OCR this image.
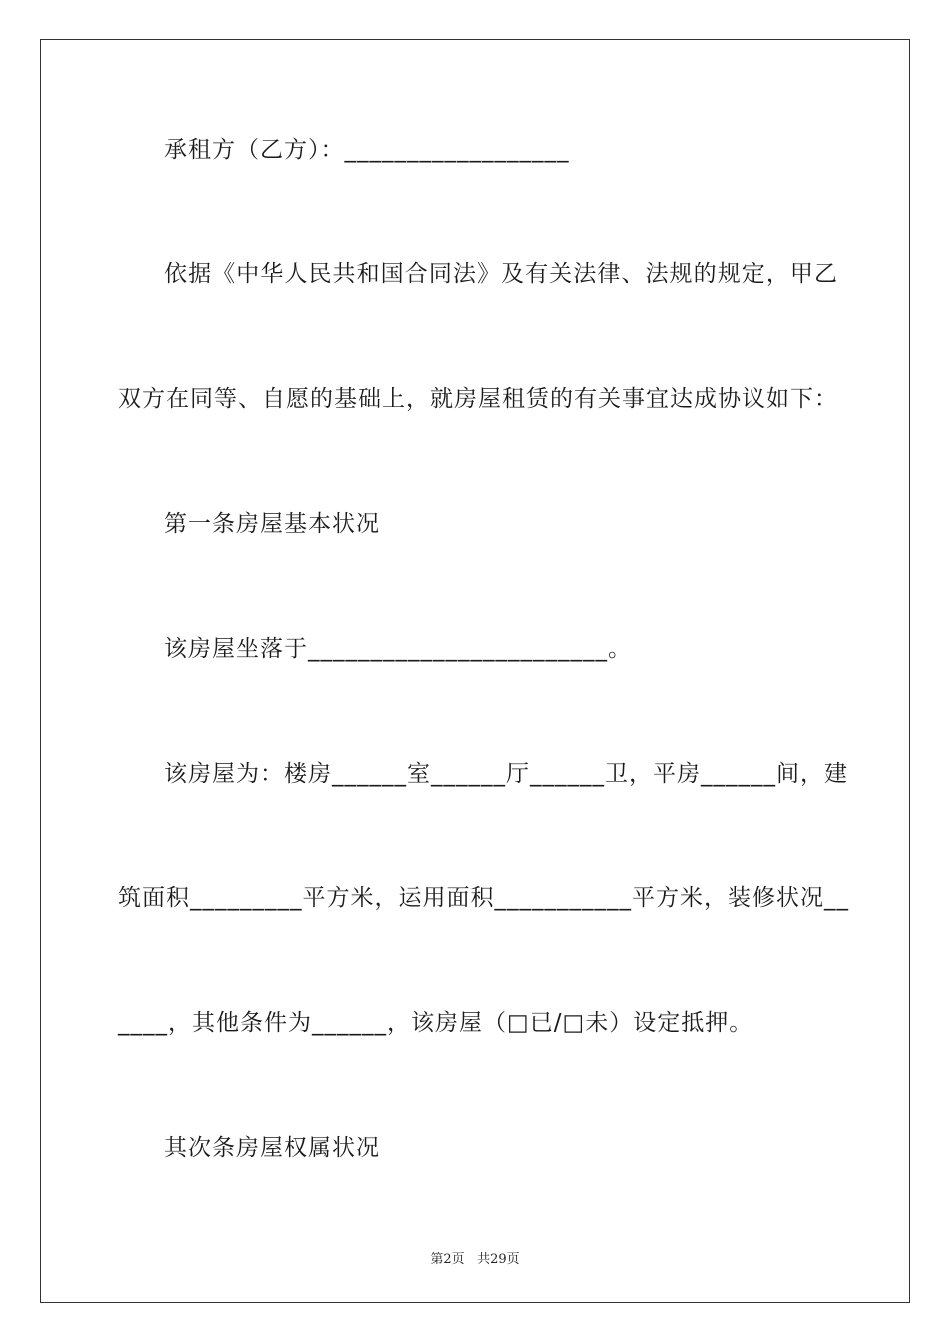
承租方（乙方）：__________________
依据《中华人民共和国合同法》及有关法律、法规的规定，甲乙
双方在同等、自愿的基础上，就房屋租赁的有关事宜达成协议如下：
第一条房屋基本状况
该房屋坐落于________________________。
该房屋为：楼房______室______厅______卫，平房______间，建
筑面积_________平方米，运用面积___________平方米，装修状况__
____，其他条件为______，该房屋（□已/□未）设定抵押。
其次条房屋权属状况
第2页 共29页
